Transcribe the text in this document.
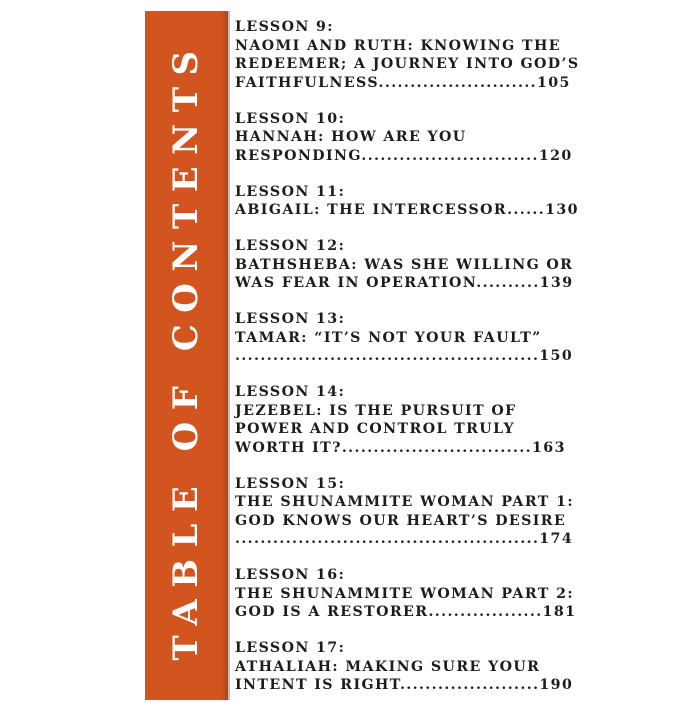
TABLE OF CONTENTS
LESSON 9:
NAOMI AND RUTH: KNOWING THE
REDEEMER; A JOURNEY INTO GOD’S
FAITHFULNESS.........................105
LESSON 10:
HANNAH: HOW ARE YOU
RESPONDING............................120
LESSON 11:
ABIGAIL: THE INTERCESSOR......130
LESSON 12:
BATHSHEBA: WAS SHE WILLING OR
WAS FEAR IN OPERATION..........139
LESSON 13:
TAMAR: “IT’S NOT YOUR FAULT”
................................................150
LESSON 14:
JEZEBEL: IS THE PURSUIT OF
POWER AND CONTROL TRULY
WORTH IT?..............................163
LESSON 15:
THE SHUNAMMITE WOMAN PART 1:
GOD KNOWS OUR HEART’S DESIRE
................................................174
LESSON 16:
THE SHUNAMMITE WOMAN PART 2:
GOD IS A RESTORER..................181
LESSON 17:
ATHALIAH: MAKING SURE YOUR
INTENT IS RIGHT......................190
